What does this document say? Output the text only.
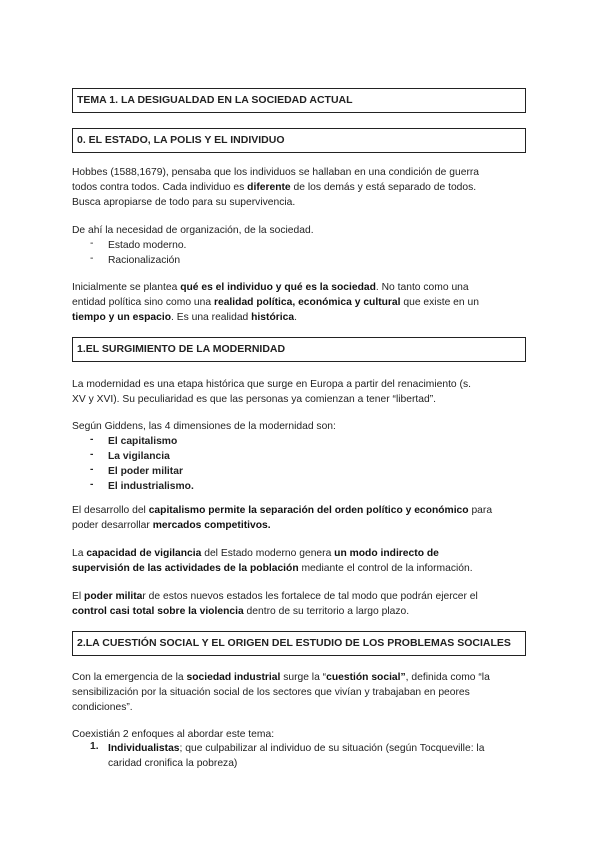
TEMA 1. LA DESIGUALDAD EN LA SOCIEDAD ACTUAL
0. EL ESTADO, LA POLIS Y EL INDIVIDUO
Hobbes (1588,1679), pensaba que los individuos se hallaban en una condición de guerra
todos contra todos. Cada individuo es diferente de los demás y está separado de todos.
Busca apropiarse de todo para su supervivencia.
De ahí la necesidad de organización, de la sociedad.
- Estado moderno.
- Racionalización
Inicialmente se plantea qué es el individuo y qué es la sociedad. No tanto como una
entidad política sino como una realidad política, económica y cultural que existe en un
tiempo y un espacio. Es una realidad histórica.
1.EL SURGIMIENTO DE LA MODERNIDAD
La modernidad es una etapa histórica que surge en Europa a partir del renacimiento (s.
XV y XVI). Su peculiaridad es que las personas ya comienzan a tener “libertad”.
Según Giddens, las 4 dimensiones de la modernidad son:
- El capitalismo
- La vigilancia
- El poder militar
- El industrialismo.
El desarrollo del capitalismo permite la separación del orden político y económico para
poder desarrollar mercados competitivos.
La capacidad de vigilancia del Estado moderno genera un modo indirecto de
supervisión de las actividades de la población mediante el control de la información.
El poder militar de estos nuevos estados les fortalece de tal modo que podrán ejercer el
control casi total sobre la violencia dentro de su territorio a largo plazo.
2.LA CUESTIÓN SOCIAL Y EL ORIGEN DEL ESTUDIO DE LOS PROBLEMAS SOCIALES
Con la emergencia de la sociedad industrial surge la “cuestión social”, definida como “la
sensibilización por la situación social de los sectores que vivían y trabajaban en peores
condiciones”.
Coexistián 2 enfoques al abordar este tema:
1. Individualistas; que culpabilizar al individuo de su situación (según Tocqueville: la
caridad cronifica la pobreza)
